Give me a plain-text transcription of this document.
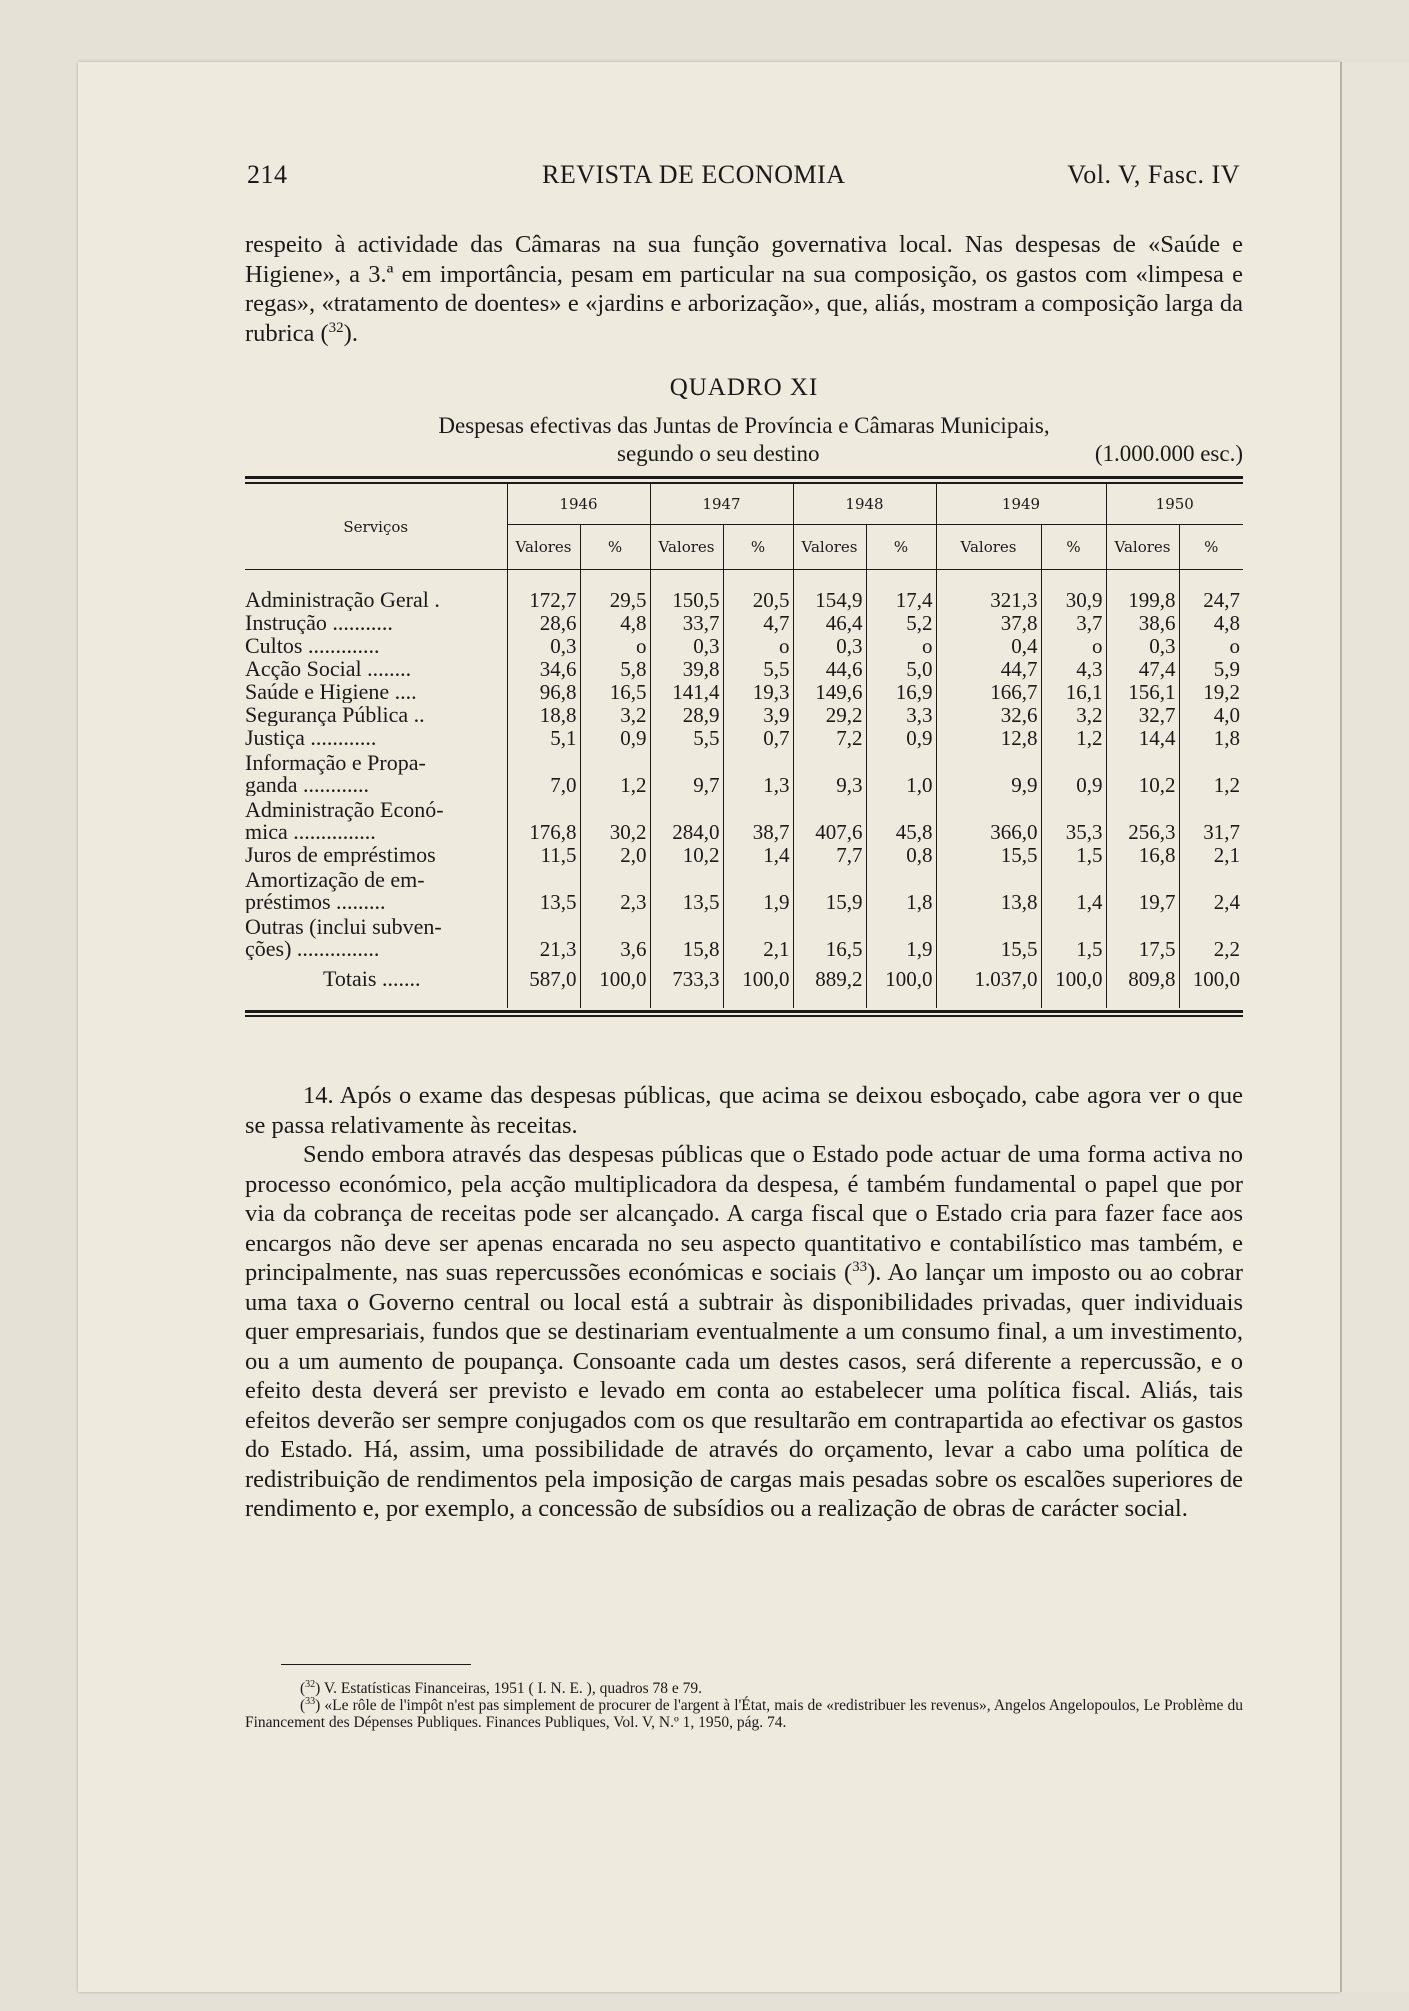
214	REVISTA DE ECONOMIA	Vol. V, Fasc. IV

respeito à actividade das Câmaras na sua função governativa local. Nas despesas de «Saúde e Higiene», a 3.ª em importância, pesam em particular na sua composição, os gastos com «limpesa e regas», «tratamento de doentes» e «jardins e arborização», que, aliás, mostram a composição larga da rubrica ($^{32}$).

QUADRO XI
Despesas efectivas das Juntas de Província e Câmaras Municipais,
segundo o seu destino	(1.000.000 esc.)
Serviços	1946		1947		1948		1949		1950	
	Valores	%	Valores	%	Valores	%	Valores	%	Valores	%

Administração Geral .	172,7	29,5	150,5	20,5	154,9	17,4	321,3	30,9	199,8	24,7

Instrução ...........	28,6	4,8	33,7	4,7	46,4	5,2	37,8	3,7	38,6	4,8

Cultos .............	0,3	o	0,3	o	0,3	o	0,4	o	0,3	o

Acção Social ........	34,6	5,8	39,8	5,5	44,6	5,0	44,7	4,3	47,4	5,9

Saúde e Higiene ....	96,8	16,5	141,4	19,3	149,6	16,9	166,7	16,1	156,1	19,2

Segurança Pública ..	18,8	3,2	28,9	3,9	29,2	3,3	32,6	3,2	32,7	4,0

Justiça ............	5,1	0,9	5,5	0,7	7,2	0,9	12,8	1,2	14,4	1,8

Informação e Propa-
ganda ............	7,0	1,2	9,7	1,3	9,3	1,0	9,9	0,9	10,2	1,2

Administração Econó-
mica ...............	176,8	30,2	284,0	38,7	407,6	45,8	366,0	35,3	256,3	31,7

Juros de empréstimos	11,5	2,0	10,2	1,4	7,7	0,8	15,5	1,5	16,8	2,1

Amortização de em-
préstimos .........	13,5	2,3	13,5	1,9	15,9	1,8	13,8	1,4	19,7	2,4

Outras (inclui subven-
ções) ...............	21,3	3,6	15,8	2,1	16,5	1,9	15,5	1,5	17,5	2,2
Totais .......	587,0	100,0	733,3	100,0	889,2	100,0	1.037,0	100,0	809,8	100,0

14. Após o exame das despesas públicas, que acima se deixou esboçado, cabe agora ver o que se passa relativamente às receitas.

Sendo embora através das despesas públicas que o Estado pode actuar de uma forma activa no processo económico, pela acção multiplicadora da despesa, é também fundamental o papel que por via da cobrança de receitas pode ser alcançado. A carga fiscal que o Estado cria para fazer face aos encargos não deve ser apenas encarada no seu aspecto quantitativo e contabilístico mas também, e principalmente, nas suas repercussões económicas e sociais ($^{33}$). Ao lançar um imposto ou ao cobrar uma taxa o Governo central ou local está a subtrair às disponibilidades privadas, quer individuais quer empresariais, fundos que se destinariam eventualmente a um consumo final, a um investimento, ou a um aumento de poupança. Consoante cada um destes casos, será diferente a repercussão, e o efeito desta deverá ser previsto e levado em conta ao estabelecer uma política fiscal. Aliás, tais efeitos deverão ser sempre conjugados com os que resultarão em contrapartida ao efectivar os gastos do Estado. Há, assim, uma possibilidade de através do orçamento, levar a cabo uma política de redistribuição de rendimentos pela imposição de cargas mais pesadas sobre os escalões superiores de rendimento e, por exemplo, a concessão de subsídios ou a realização de obras de carácter social.

($^{32}$) V. Estatísticas Financeiras, 1951 ( I. N. E. ), quadros 78 e 79.

($^{33}$) «Le rôle de l'impôt n'est pas simplement de procurer de l'argent à l'État, mais de «redistribuer les revenus», Angelos Angelopoulos, Le Problème du Financement des Dépenses Publiques. Finances Publiques, Vol. V, N.º 1, 1950, pág. 74.
